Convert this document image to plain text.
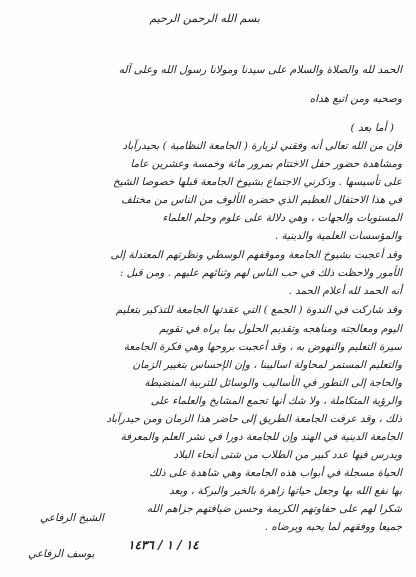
بسم الله الرحمن الرحيم
الحمد لله والصلاة والسلام على سيدنا ومولانا رسول الله وعلى آله
وصحبه ومن اتبع هداه
( أما بعد )
فإن من الله تعالى أنه وفقني لزيارة ( الجامعة النظامية ) بحيدرآباد
ومشاهدة حضور حفل الاختتام بمرور مائة وخمسة وعشرين عاما
على تأسيسها . وذكرني الاجتماع بشيوخ الجامعة قبلها خصوصا الشيخ
في هذا الاحتفال العظيم الذي حضره الألوف من الناس من مختلف
المستويات والجهات ، وهي دلالة على علوم وحلم العلماء
والمؤسسات العلمية والدينية .
وقد أعجبت بشيوخ الجامعة وموقفهم الوسطي ونظرتهم المعتدلة إلى
الأمور ولاحظت ذلك في حب الناس لهم وثنائهم عليهم . ومن قبل :
أنه الحمد لله أعلام الحمد .
وقد شاركت في الندوة ( الجمع ) التي عقدتها الجامعة للتذكير بتعليم
اليوم ومعالجته ومناهجه وتقديم الحلول بما يراه في تقويم
سيرة التعليم والنهوض به ، وقد أعجبت بروحها وهي فكرة الجامعة
والتعليم المستمر لمحاولة اساليبنا ، وإن الإحساس بتغيير الزمان
والحاجة إلى التطور في الأساليب والوسائل للتربية المنضبطة
والرؤية المتكاملة ، ولا شك أنها تجمع المشايخ والعلماء على
ذلك ، وقد عرفت الجامعة الطريق إلى حاضر هذا الزمان ومن حيدرآباد
الجامعة الدينية في الهند وإن للجامعة دورا في نشر العلم والمعرفة
ويدرس فيها عدد كبير من الطلاب من شتى أنحاء البلاد
الحياة مسجلة في أبواب هذه الجامعة وهي شاهدة على ذلك
بها نفع الله بها وجعل حياتها زاهرة بالخير والبركة ، وبعد
شكرا لهم على حفاوتهم الكريمة وحسن ضيافتهم جزاهم الله
جميعا ووفقهم لما يحبه ويرضاه .
الشيخ الرفاعي
١٤ / ١ / ١٤٣٦
يوسف الرفاعي
